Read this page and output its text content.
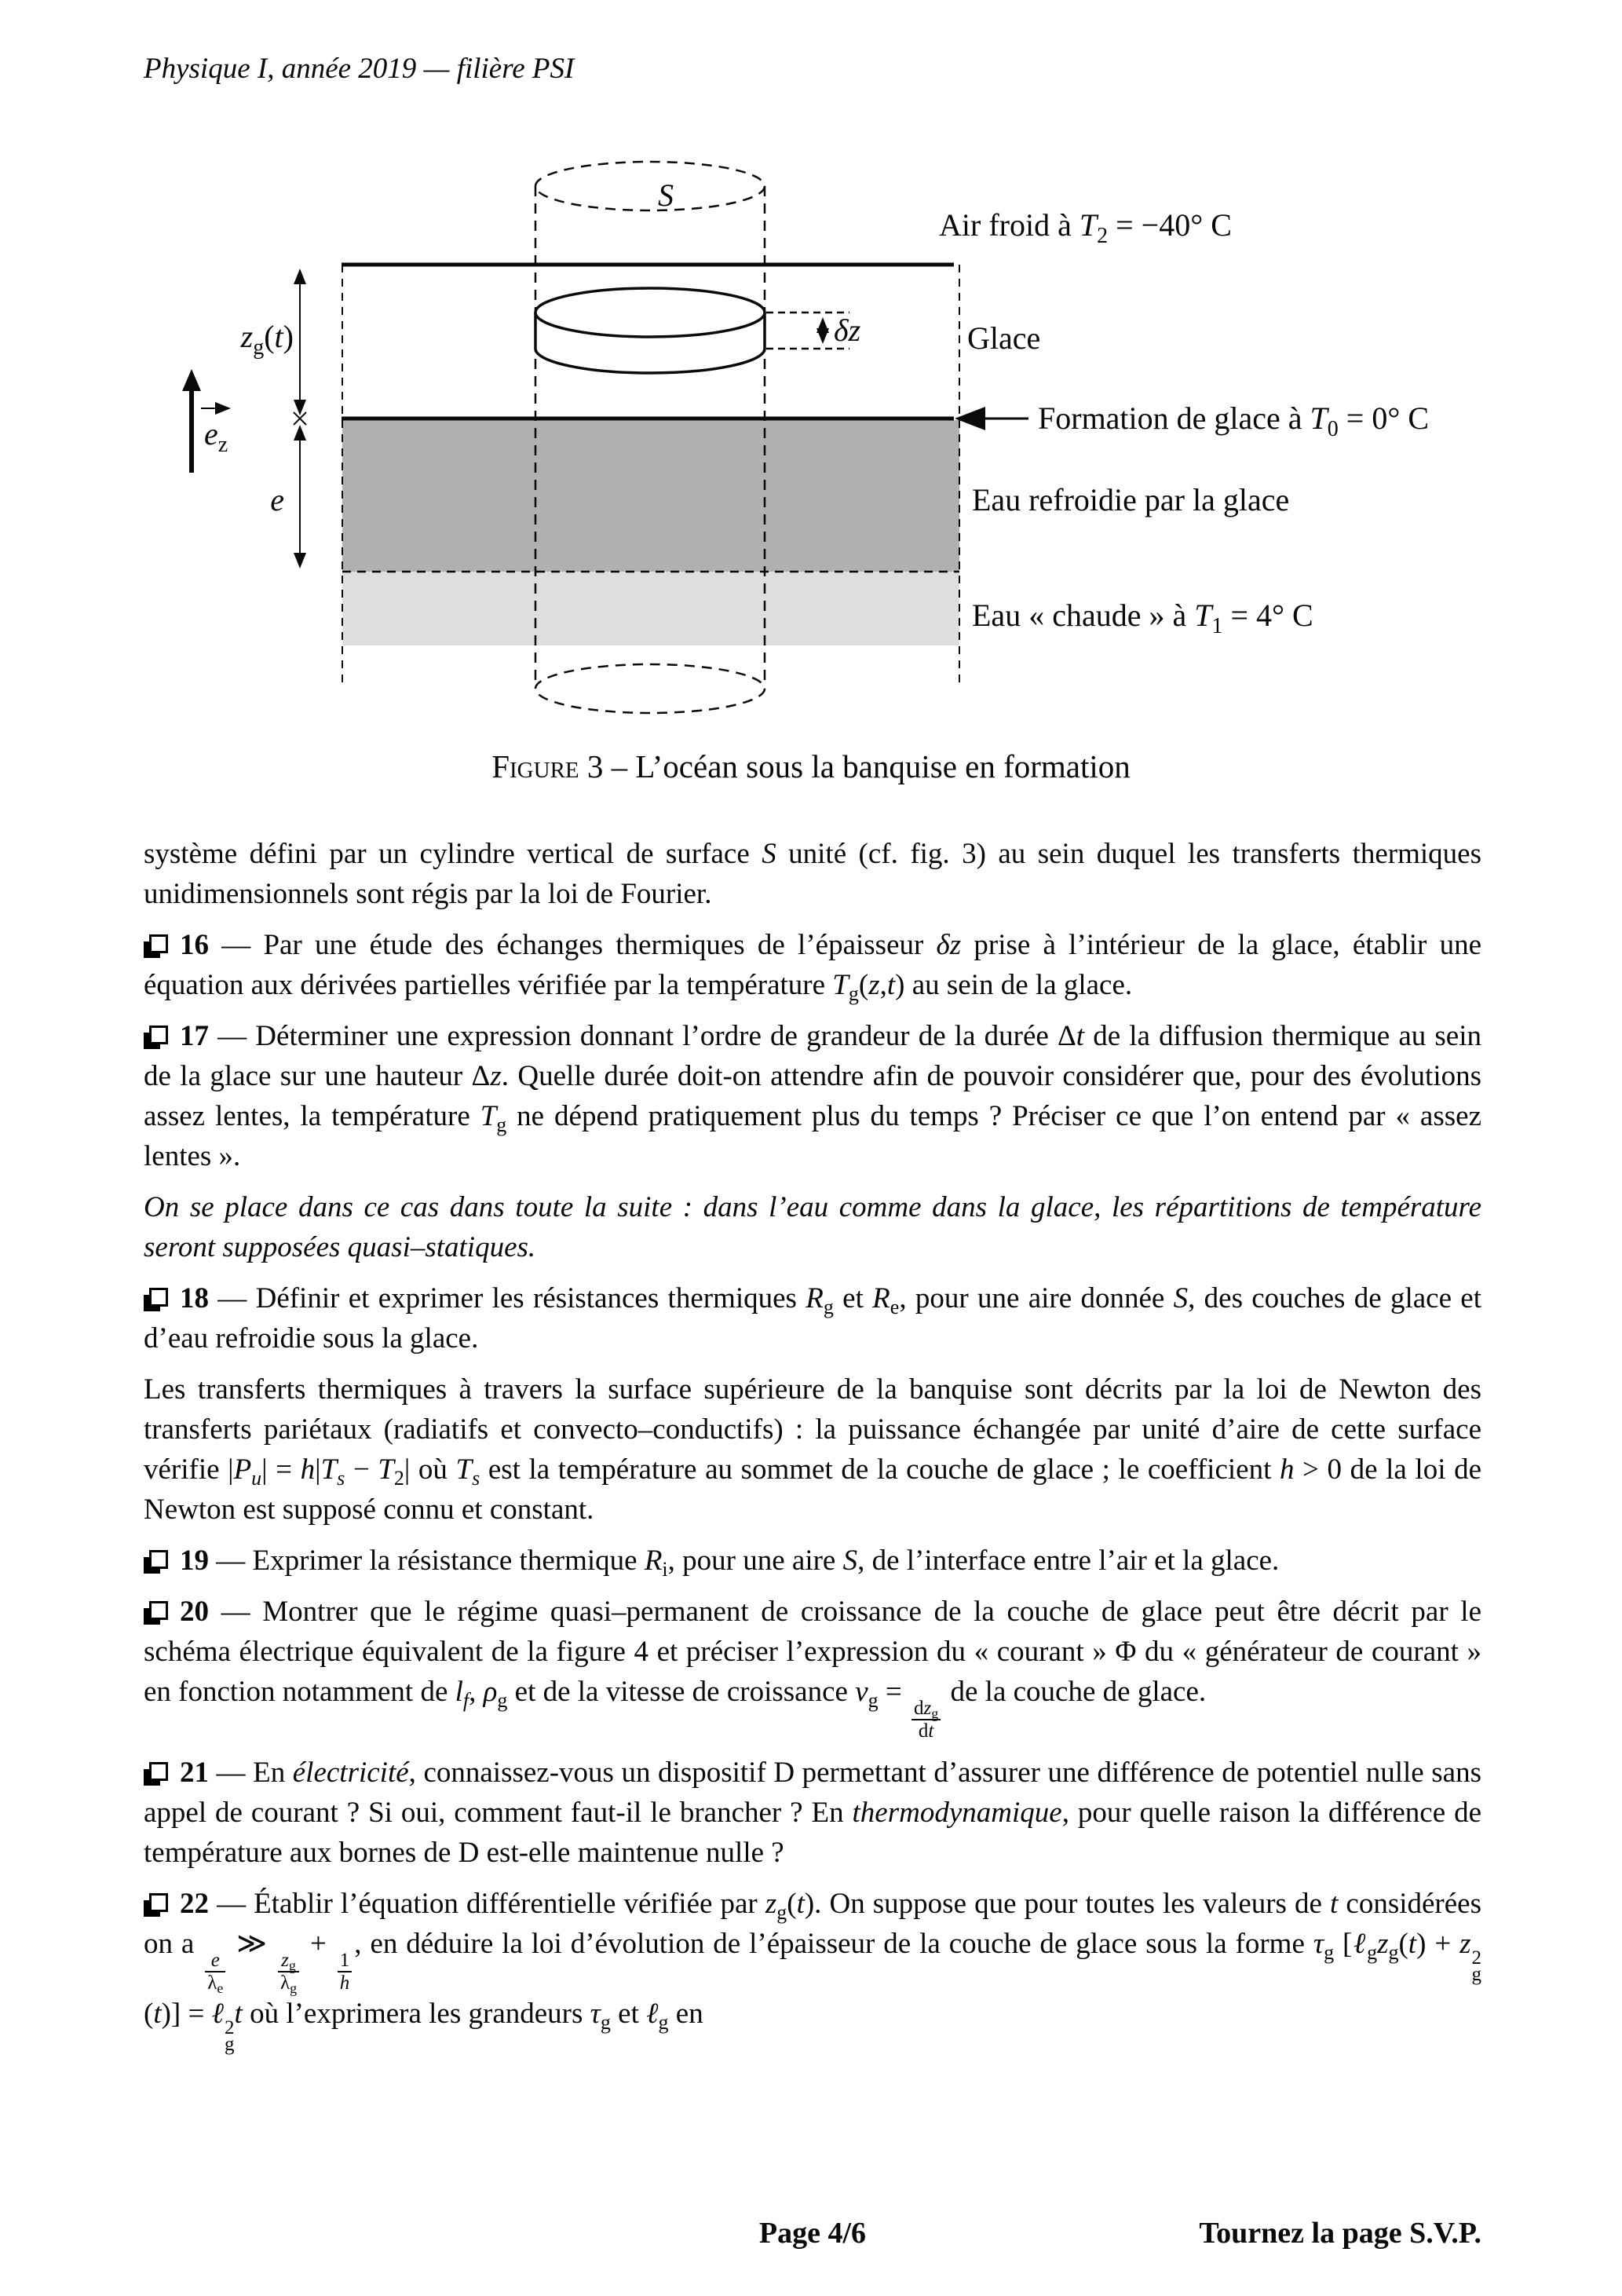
Physique I, année 2019 — filière PSI
δz
S
$z_g(t)$
e
$e_z$
Air froid à $T_2 = -40^\circ$ C
Glace
Formation de glace à $T_0 = 0^\circ$ C
Eau refroidie par la glace
Eau « chaude » à $T_1 = 4^\circ$ C
Figure 3 – L’océan sous la banquise en formation

système défini par un cylindre vertical de surface S unité (cf. fig. 3) au sein duquel les transferts thermiques unidimensionnels sont régis par la loi de Fourier.

16 — Par une étude des échanges thermiques de l’épaisseur δz prise à l’intérieur de la glace, établir une équation aux dérivées partielles vérifiée par la température $T_g(z,t)$ au sein de la glace.

17 — Déterminer une expression donnant l’ordre de grandeur de la durée Δt de la diffusion thermique au sein de la glace sur une hauteur Δz. Quelle durée doit-on attendre afin de pouvoir considérer que, pour des évolutions assez lentes, la température $T_g$ ne dépend pratiquement plus du temps ? Préciser ce que l’on entend par « assez lentes ».

On se place dans ce cas dans toute la suite : dans l’eau comme dans la glace, les répartitions de température seront supposées quasi–statiques.

18 — Définir et exprimer les résistances thermiques $R_g$ et $R_e$, pour une aire donnée S, des couches de glace et d’eau refroidie sous la glace.

Les transferts thermiques à travers la surface supérieure de la banquise sont décrits par la loi de Newton des transferts pariétaux (radiatifs et convecto–conductifs) : la puissance échangée par unité d’aire de cette surface vérifie $|P_u| = h|T_s - T_2|$ où $T_s$ est la température au sommet de la couche de glace ; le coefficient h > 0 de la loi de Newton est supposé connu et constant.

19 — Exprimer la résistance thermique $R_i$, pour une aire S, de l’interface entre l’air et la glace.

20 — Montrer que le régime quasi–permanent de croissance de la couche de glace peut être décrit par le schéma électrique équivalent de la figure 4 et préciser l’expression du « courant » Φ du « générateur de courant » en fonction notamment de $l_f$, $\rho_g$ et de la vitesse de croissance $v_g$ =
$\frac{dz_g}{dt}$
de la couche de glace.

21 — En électricité, connaissez-vous un dispositif D permettant d’assurer une différence de potentiel nulle sans appel de courant ? Si oui, comment faut-il le brancher ? En thermodynamique, pour quelle raison la différence de température aux bornes de D est-elle maintenue nulle ?

22 — Établir l’équation différentielle vérifiée par $z_g(t)$. On suppose que pour toutes les valeurs de t considérées on a
$\frac{e}{\lambda_e}$
≫
$\frac{z_g}{\lambda_g}$
+
$\frac{1}{h}$
, en déduire la loi d’évolution de l’épaisseur de la couche de glace sous la forme $\tau_g$ [$\ell_gz_g(t) + z$ 2
g
(t)] = ℓ 2
g
t où l’exprimera les grandeurs $\tau_g$ et ℓ$_g$ en

Page 4/6	Tournez la page S.V.P.
